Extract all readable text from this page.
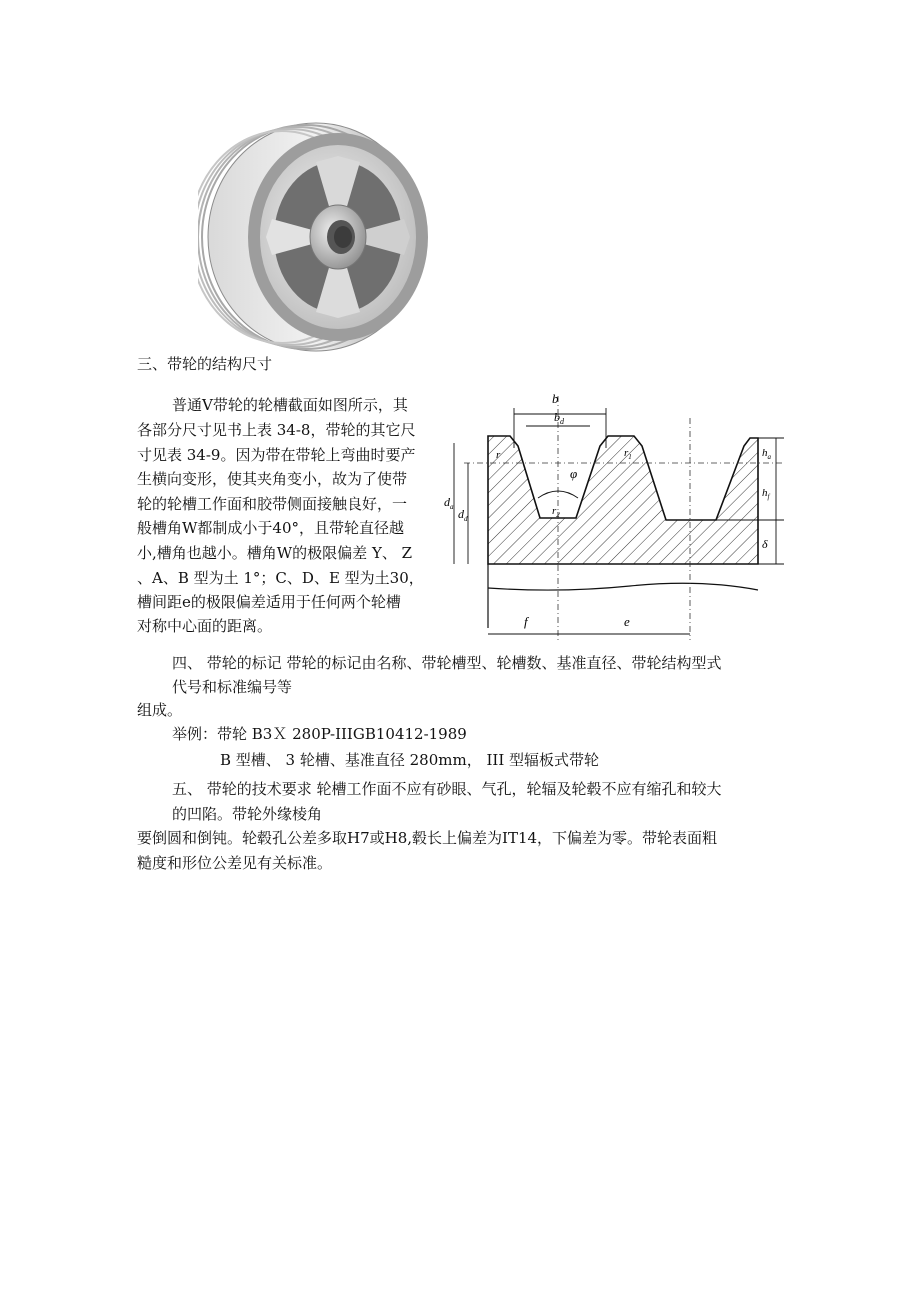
三、带轮的结构尺寸
普通V带轮的轮槽截面如图所示，其
各部分尺寸见书上表 34-8，带轮的其它尺
寸见表 34-9。因为带在带轮上弯曲时要产
生横向变形，使其夹角变小，故为了使带
轮的轮槽工作面和胶带侧面接触良好，一
般槽角W都制成小于40°，且带轮直径越
小,槽角也越小。槽角W的极限偏差 Y、 Z
、A、B 型为土 1°；C、D、E 型为土30，
槽间距e的极限偏差适用于任何两个轮槽
对称中心面的距离。
b
$b_d$
φ
$r_2$
$r_1$
r	$h_a$
$h_f$
δ
$d_a$ $d_d$
f	e
四、 带轮的标记 带轮的标记由名称、带轮槽型、轮槽数、基准直径、带轮结构型式
代号和标准编号等
组成。
举例：带轮 B3Ｘ 280P-IIIGB10412-1989
B 型槽、 3 轮槽、基准直径 280mm， III 型辐板式带轮
五、 带轮的技术要求 轮槽工作面不应有砂眼、气孔，轮辐及轮毂不应有缩孔和较大
的凹陷。带轮外缘棱角
要倒圆和倒钝。轮毂孔公差多取H7或H8,毂长上偏差为IT14，下偏差为零。带轮表面粗
糙度和形位公差见有关标准。
